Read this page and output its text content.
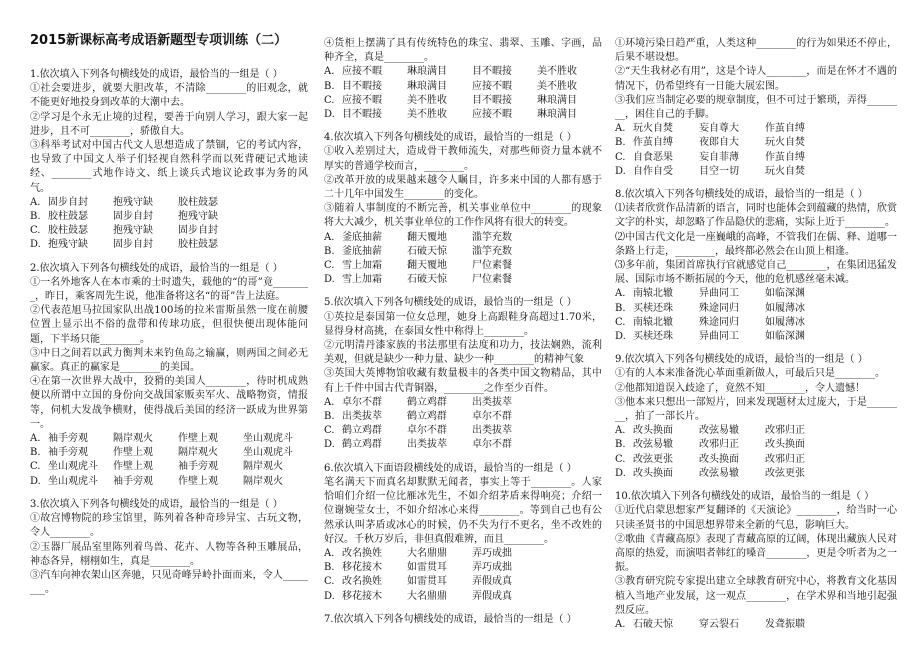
2015新课标高考成语新题型专项训练（二）

1.依次填入下列各句横线处的成语，最恰当的一组是（ ）

①社会要进步，就要大胆改革，不清除________的旧观念，就不能更好地投身到改革的大潮中去。

②学习是个永无止境的过程，要善于向别人学习，跟大家一起进步，且不可________，骄傲自大。

③科举考试对中国古代文人思想造成了禁锢，它的考试内容，也导致了中国文人举子们轻视自然科学而以死背硬记式地读经、________式地作诗文、纸上谈兵式地议论政事为务的风气。

A. 固步自封	抱残守缺	胶柱鼓瑟
B. 胶柱鼓瑟	固步自封	抱残守缺
C. 胶柱鼓瑟	抱残守缺	固步自封
D. 抱残守缺	固步自封	胶柱鼓瑟

2.依次填入下列各句横线处的成语，最恰当的一组是（ ）

①一名外地客人在本市乘的士时遗失，载他的“的哥”竟________，昨日，乘客周先生说，他准备将这名“的哥”告上法庭。

②代表范旭马拉国家队出战100场的拉米雷斯虽然一度在前腰位置上显示出不俗的盘带和传球功底，但很快便出现体能问题，下半场只能________。

③中日之间若以武力衡判未来钓鱼岛之输赢，则两国之间必无赢家。真正的赢家是________的美国。

④在第一次世界大战中，狡猾的美国人________，待时机成熟便以所谓中立国的身份向交战国家贩卖军火、战略物资，情报等，伺机大发战争横财，使得战后美国的经济一跃成为世界第一。

A. 袖手旁观	隔岸观火	作壁上观	坐山观虎斗
B. 袖手旁观	作壁上观	隔岸观火	坐山观虎斗
C. 坐山观虎斗	作壁上观	袖手旁观	隔岸观火
D. 坐山观虎斗	袖手旁观	作壁上观	隔岸观火

3.依次填入下列各句横线处的成语，最恰当的一组是（ ）

①故宫博物院的珍宝馆里，陈列着各种奇珍异宝、古玩文物，令人________。

②玉器厂展品室里陈列着鸟兽、花卉、人物等各种玉雕展品，神态各异，栩栩如生，真是________。

③汽车向神农架山区奔驰，只见奇峰异岭扑面而来，令人________。

④货柜上摆满了具有传统特色的珠宝、翡翠、玉雕、字画，品种齐全，真是________。

A. 应接不暇	琳琅满目	目不暇接	美不胜收
B. 目不暇接	琳琅满目	应接不暇	美不胜收
C. 应接不暇	美不胜收	目不暇接	琳琅满目
D. 目不暇接	美不胜收	应接不暇	琳琅满目

4.依次填入下列各句横线处的成语，最恰当的一组是（ ）

①收入差别过大，造成骨干教师流失，对那些师资力量本就不厚实的普通学校而言，________。

②改革开放的成果越来越令人瞩目，许多来中国的人都有感于二十几年中国发生________的变化。

③随着人事制度的不断完善，机关事业单位中________的现象将大大减少，机关事业单位的工作作风将有很大的转变。

A. 釜底抽薪	翻天覆地	滥竽充数
B. 釜底抽薪	石破天惊	滥竽充数
C. 雪上加霜	翻天覆地	尸位素餐
D. 雪上加霜	石破天惊	尸位素餐

5.依次填入下列各句横线处的成语，最恰当的一组是（ ）

①英拉是泰国第一位女总理，她身上高跟鞋身高超过1.70米，显得身材高挑，在泰国女性中称得上________。

②元明清丹漆家族的书法那里有法度和功力，技法娴熟，流利美观，但就是缺少一种力量、缺少一种________的精神气象

③英国大英博物馆收藏有数量极丰的各类中国文物精品，其中有上千件中国古代青铜器，________之作至少百件。

A. 卓尔不群	鹤立鸡群	出类拔萃
B. 出类拔萃	鹤立鸡群	卓尔不群
C. 鹤立鸡群	卓尔不群	出类拔萃
D. 鹤立鸡群	出类拔萃	卓尔不群

6.依次填入下面语段横线处的成语，最恰当的一组是（ ）

笔名满天下而真名却默默无闻者，事实上等于________。人家恰咱们介绍一位比雁冰先生，不如介绍茅盾来得响亮；介绍一位谢婉莹女士，不如介绍冰心来得________。等到自己也有公然承认叫茅盾或冰心的时候，仍不失为行不更名，坐不改姓的好汉。千秋万岁后，非但真假难辨，而且________。

A. 改名换姓	大名鼎鼎	弄巧成拙
B. 移花接木	如雷贯耳	弄巧成拙
C. 改名换姓	如雷贯耳	弄假成真
D. 移花接木	大名鼎鼎	弄假成真

7.依次填入下列各句横线处的成语，最恰当的一组是（ ）

①环境污染日趋严重，人类这种________的行为如果还不停止，后果不堪设想。

②“天生我材必有用”，这是个诗人________，而是在怀才不遇的情况下，仍希望终有一日能大展宏图。

③我们应当制定必要的规章制度，但不可过于繁琐，弄得________，困住自己的手脚。

A. 玩火自焚	妄自尊大	作茧自缚
B. 作茧自缚	夜郎自大	玩火自焚
C. 自食恶果	妄自菲薄	作茧自缚
D. 自作自受	目空一切	玩火自焚

8.依次填入下列各句横线处的成语，最恰当的一组是（ ）

⑴读者欣赏作品清新的语言，同时也能体会到蕴藏的热情，欣赏文字的朴实，却忽略了作品隐伏的悲痛，实际上近于________。

⑵中国古代文化是一座巍峨的高峰，不管我们在儒、释、道哪一条路上行走，________，最终都必然会在山顶上相逢。

⑶多年前，集团首席执行官就感觉自己________，在集团迅猛发展、国际市场不断拓展的今天，他的危机感丝毫未减。

A. 南辕北辙	异曲同工	如临深渊
B. 买椟还珠	殊途同归	如履薄冰
C. 南辕北辙	殊途同归	如履薄冰
D. 买椟还珠	异曲同工	如临深渊

9.依次填入下列各句横线处的成语，最恰当的一组是（ ）

①有的人本来准备洗心革面重新做人，可最后只是________。

②他都知道误入歧途了，竟然不知________，令人遗憾！

③他本来只想出一部短片，回来发现题材太过庞大，于是________，拍了一部长片。

A. 改头换面	改弦易辙	改邪归正
B. 改弦易辙	改邪归正	改头换面
C. 改弦更张	改头换面	改邪归正
D. 改头换面	改弦易辙	改弦更张

10.依次填入下列各句横线处的成语，最恰当的一组是（ ）

①近代启蒙思想家严复翻译的《天演论》________，给当时一心只读圣贤书的中国思想界带来全新的气息，影响巨大。

②歌曲《青藏高原》表现了青藏高原的辽阔，体现出藏族人民对高原的热爱，而演唱者韩红的嗓音________，更是令听者为之一振。

③教育研究院专家提出建立全球教育研究中心，将教育文化基因植入当地产业发展，这一观点________，在学术界和当地引起强烈反应。

A. 石破天惊	穿云裂石	发聋振聩
